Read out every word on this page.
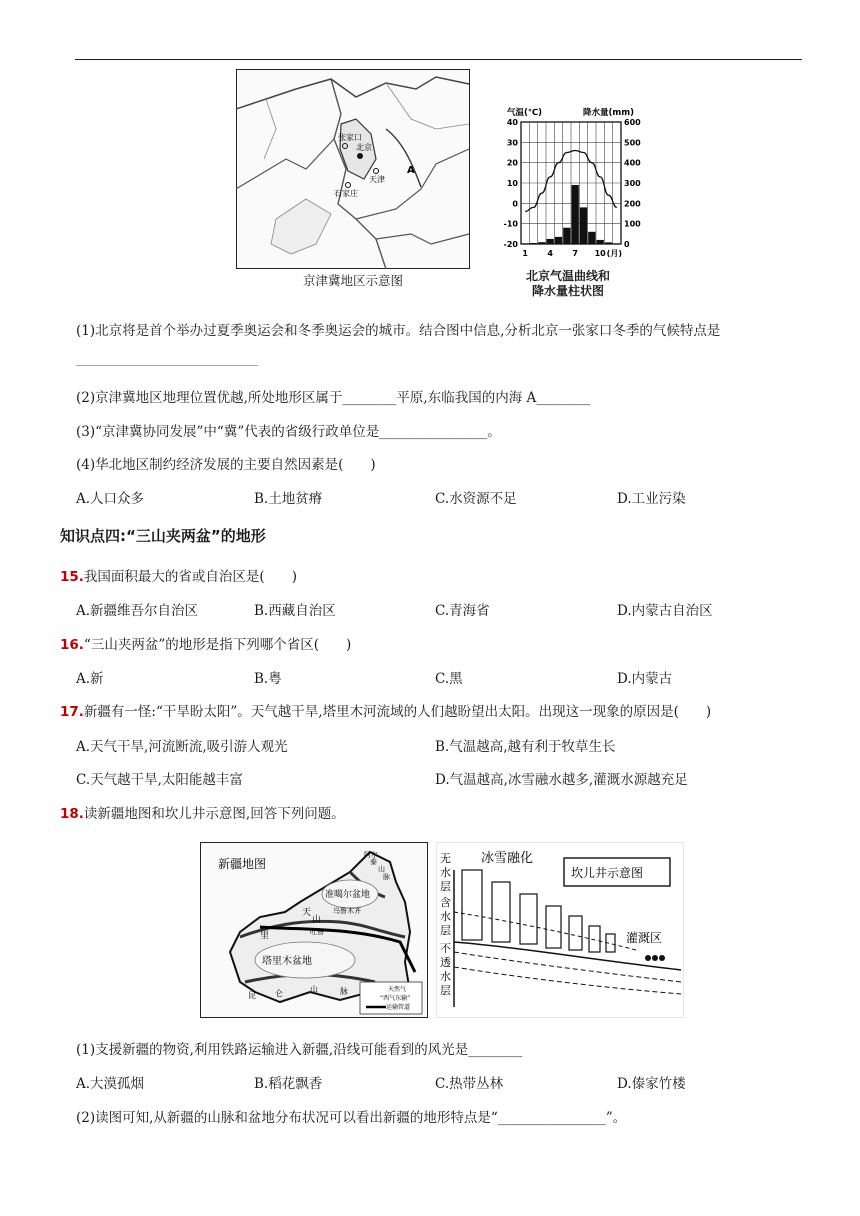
张家口
北京
天津
石家庄
A
京津冀地区示意图
气温(℃)	降水量(mm)
40
30
20
10
0
-10
-20
600
500
400
300
200
100
0
1 4 7 10 (月)
北京气温曲线和
降水量柱状图
(1)北京将是首个举办过夏季奥运会和冬季奥运会的城市。结合图中信息,分析北京一张家口冬季的气候特点是
(2)京津冀地区地理位置优越,所处地形区属于________平原,东临我国的内海 A________
(3)“京津冀协同发展”中“冀”代表的省级行政单位是________________。
(4)华北地区制约经济发展的主要自然因素是(　　)
A.人口众多	B.土地贫瘠	C.水资源不足	D.工业污染
知识点四:“三山夹两盆”的地形
15.我国面积最大的省或自治区是(　　)
A.新疆维吾尔自治区	B.西藏自治区	C.青海省	D.内蒙古自治区
16.“三山夹两盆”的地形是指下列哪个省区(　　)
A.新	B.粤	C.黑	D.内蒙古
17.新疆有一怪:“干旱盼太阳”。天气越干旱,塔里木河流域的人们越盼望出太阳。出现这一现象的原因是(　　)
A.天气干旱,河流断流,吸引游人观光	B.气温越高,越有利于牧草生长
C.天气越干旱,太阳能越丰富	D.气温越高,冰雪融水越多,灌溉水源越充足
18.读新疆地图和坎儿井示意图,回答下列问题。
新疆地图
阿尔
泰
山
脉
准噶尔盆地
乌鲁木齐
天
山
里	吐鲁
塔里木盆地
昆 仑	山	脉	天然气
“西气东输”
运输管道
冰雪融化
坎儿井示意图
无
水
层
含
水
层
不
透
水
层
灌溉区
(1)支援新疆的物资,利用铁路运输进入新疆,沿线可能看到的风光是________
A.大漠孤烟	B.稻花飘香	C.热带丛林	D.傣家竹楼
(2)读图可知,从新疆的山脉和盆地分布状况可以看出新疆的地形特点是“________________”。
